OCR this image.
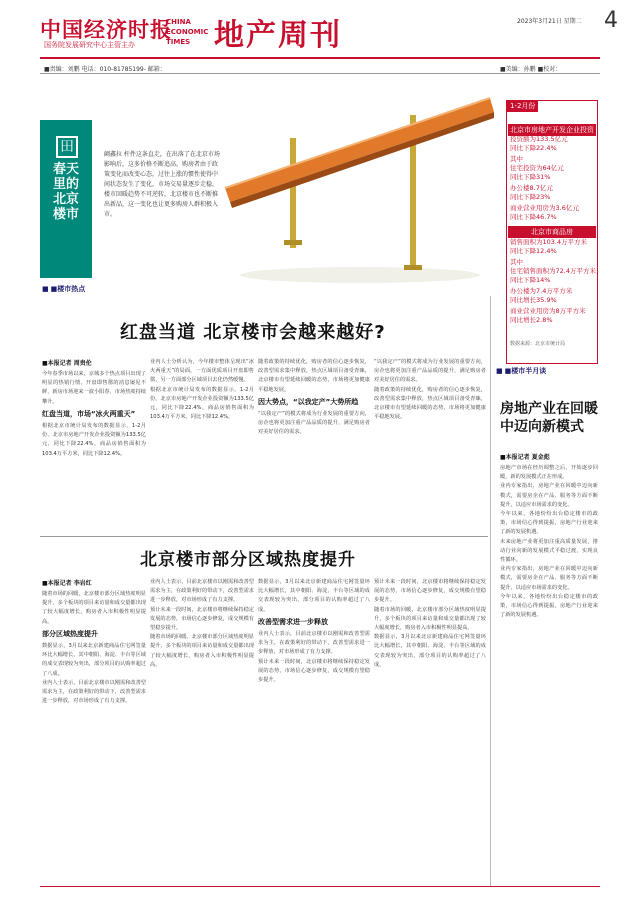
中国经济时报
国务院发展研究中心主管主办
CHINA
ECONOMIC
TIMES 地产周刊	2023年3月21日 星期二 4
■责编：刘鹏 电话：010-81785199- 邮箱：	■美编：孙鹏 ■校对：
田
春天里的北京楼市
阚鑫拉 杆件这条直走，在出落了在北京市场影响后，这多价格不断追高。购房者由于政策变化而改变心态，过往上涨的惯性使得中间状态发生了变化，市场交易量逐步走稳，楼市回暖趋势不可逆转，北京楼市也不断推出新品，这一变化也让更多购房人群积极入市。
1-2月份
北京市房地产开发企业投资
投资额为133.5亿元
同比下降22.4%
其中
住宅投资为64亿元
同比下降31%
办公楼8.7亿元
同比下降23%
商业营业用房为3.6亿元
同比下降46.7%
北京市商品房
销售面积为103.4万平方米
同比下降12.4%
其中
住宅销售面积为72.4万平方米
同比下降14%
办公楼为7.4万平方米
同比增长35.9%
商业营业用房为8万平方米
同比增长2.8%
数据来源：北京市统计局
■ ■楼市热点
红盘当道 北京楼市会越来越好?
■本报记者 周贵伦
今年春季市场以来，京城多个热点项目出现了明显的热销行情，开盘即售罄的消息屡见不鲜，新房市场迎来一波小阳春，市场热度持续攀升。
红盘当道，市场“冰火两重天”
根据北京市统计局发布的数据显示，1-2月份，北京市房地产开发企业投资额为133.5亿元，同比下降22.4%，商品房销售面积为103.4万平方米，同比下降12.4%。
业内人士分析认为，今年楼市整体呈现出“冰火两重天”的局面，一方面优质项目开盘即售罄，另一方面部分区域项目去化仍然缓慢。
根据北京市统计局发布的数据显示，1-2月份，北京市房地产开发企业投资额为133.5亿元，同比下降22.4%，商品房销售面积为103.4万平方米，同比下降12.4%。
随着政策的持续优化，购房者的信心逐步恢复，改善型需求集中释放，热点区域项目备受青睐，北京楼市有望延续回暖的态势，市场将更加健康平稳地发展。
因大势点，“以我定产”大势所趋
“以我定产”的模式将成为行业发展的重要方向，房企也将更加注重产品品质的提升，满足购房者对美好居住的需求。
“以我定产”的模式将成为行业发展的重要方向，房企也将更加注重产品品质的提升，满足购房者对美好居住的需求。
随着政策的持续优化，购房者的信心逐步恢复，改善型需求集中释放，热点区域项目备受青睐，北京楼市有望延续回暖的态势，市场将更加健康平稳地发展。
北京楼市部分区域热度提升
■本报记者 李岩红
随着市场的回暖，北京楼市部分区域热度明显提升，多个板块的项目来访量和成交量都出现了较大幅度增长，购房者入市积极性明显提高。
部分区域热度提升
数据显示，3月以来北京新建商品住宅网签量环比大幅增长，其中朝阳、海淀、丰台等区域的成交表现较为突出，部分项目的认购率超过了八成。
业内人士表示，目前北京楼市以刚需和改善型需求为主，在政策利好的带动下，改善型需求进一步释放，对市场形成了有力支撑。
业内人士表示，目前北京楼市以刚需和改善型需求为主，在政策利好的带动下，改善型需求进一步释放，对市场形成了有力支撑。
预计未来一段时间，北京楼市将继续保持稳定发展的态势，市场信心逐步修复，成交规模有望稳步提升。
随着市场的回暖，北京楼市部分区域热度明显提升，多个板块的项目来访量和成交量都出现了较大幅度增长，购房者入市积极性明显提高。
数据显示，3月以来北京新建商品住宅网签量环比大幅增长，其中朝阳、海淀、丰台等区域的成交表现较为突出，部分项目的认购率超过了八成。
改善型需求进一步释放
业内人士表示，目前北京楼市以刚需和改善型需求为主，在政策利好的带动下，改善型需求进一步释放，对市场形成了有力支撑。
预计未来一段时间，北京楼市将继续保持稳定发展的态势，市场信心逐步修复，成交规模有望稳步提升。
预计未来一段时间，北京楼市将继续保持稳定发展的态势，市场信心逐步修复，成交规模有望稳步提升。
随着市场的回暖，北京楼市部分区域热度明显提升，多个板块的项目来访量和成交量都出现了较大幅度增长，购房者入市积极性明显提高。
数据显示，3月以来北京新建商品住宅网签量环比大幅增长，其中朝阳、海淀、丰台等区域的成交表现较为突出，部分项目的认购率超过了八成。
■ ■楼市半月谈
房地产业在回暖中迈向新模式
■本报记者 夏金彪
房地产市场在经历调整之后，开始逐步回暖，新的发展模式正在形成。
业内专家指出，房地产业在回暖中迈向新模式，需要房企在产品、服务等方面不断提升，以适应市场需求的变化。
今年以来，各地纷纷出台稳定楼市的政策，市场信心得到提振，房地产行业迎来了新的发展机遇。
未来房地产业将更加注重高质量发展，推动行业向新的发展模式平稳过渡，实现良性循环。
业内专家指出，房地产业在回暖中迈向新模式，需要房企在产品、服务等方面不断提升，以适应市场需求的变化。
今年以来，各地纷纷出台稳定楼市的政策，市场信心得到提振，房地产行业迎来了新的发展机遇。
